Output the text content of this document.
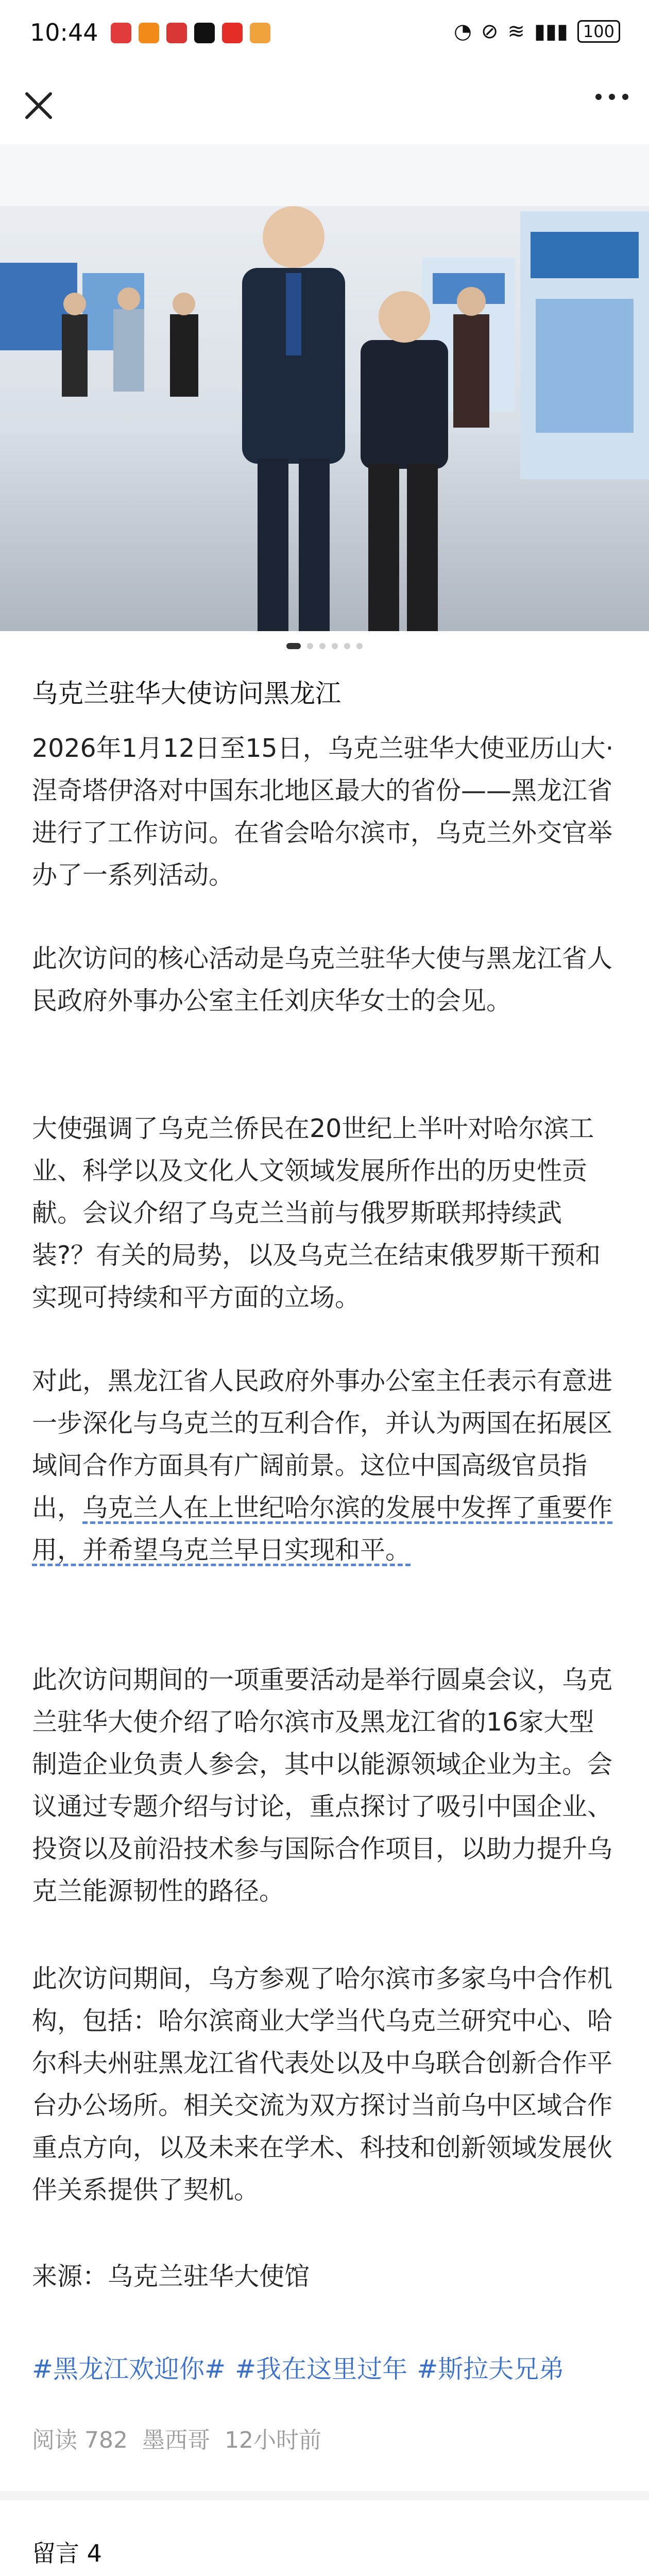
10:44	◔ ⊘ ≋ ▮▮▮ 100
乌克兰驻华大使访问黑龙江

2026年1月12日至15日，乌克兰驻华大使亚历山大·涅奇塔伊洛对中国东北地区最大的省份——黑龙江省进行了工作访问。在省会哈尔滨市，乌克兰外交官举办了一系列活动。

此次访问的核心活动是乌克兰驻华大使与黑龙江省人民政府外事办公室主任刘庆华女士的会见。

大使强调了乌克兰侨民在20世纪上半叶对哈尔滨工业、科学以及文化人文领域发展所作出的历史性贡献。会议介绍了乌克兰当前与俄罗斯联邦持续武装?？有关的局势，以及乌克兰在结束俄罗斯干预和实现可持续和平方面的立场。

对此，黑龙江省人民政府外事办公室主任表示有意进一步深化与乌克兰的互利合作，并认为两国在拓展区域间合作方面具有广阔前景。这位中国高级官员指出，乌克兰人在上世纪哈尔滨的发展中发挥了重要作用，并希望乌克兰早日实现和平。

此次访问期间的一项重要活动是举行圆桌会议，乌克兰驻华大使介绍了哈尔滨市及黑龙江省的16家大型制造企业负责人参会，其中以能源领域企业为主。会议通过专题介绍与讨论，重点探讨了吸引中国企业、投资以及前沿技术参与国际合作项目，以助力提升乌克兰能源韧性的路径。

此次访问期间，乌方参观了哈尔滨市多家乌中合作机构，包括：哈尔滨商业大学当代乌克兰研究中心、哈尔科夫州驻黑龙江省代表处以及中乌联合创新合作平台办公场所。相关交流为双方探讨当前乌中区域合作重点方向，以及未来在学术、科技和创新领域发展伙伴关系提供了契机。

来源：乌克兰驻华大使馆
#黑龙江欢迎你# #我在这里过年 #斯拉夫兄弟
阅读 782 墨西哥 12小时前
留言 4
